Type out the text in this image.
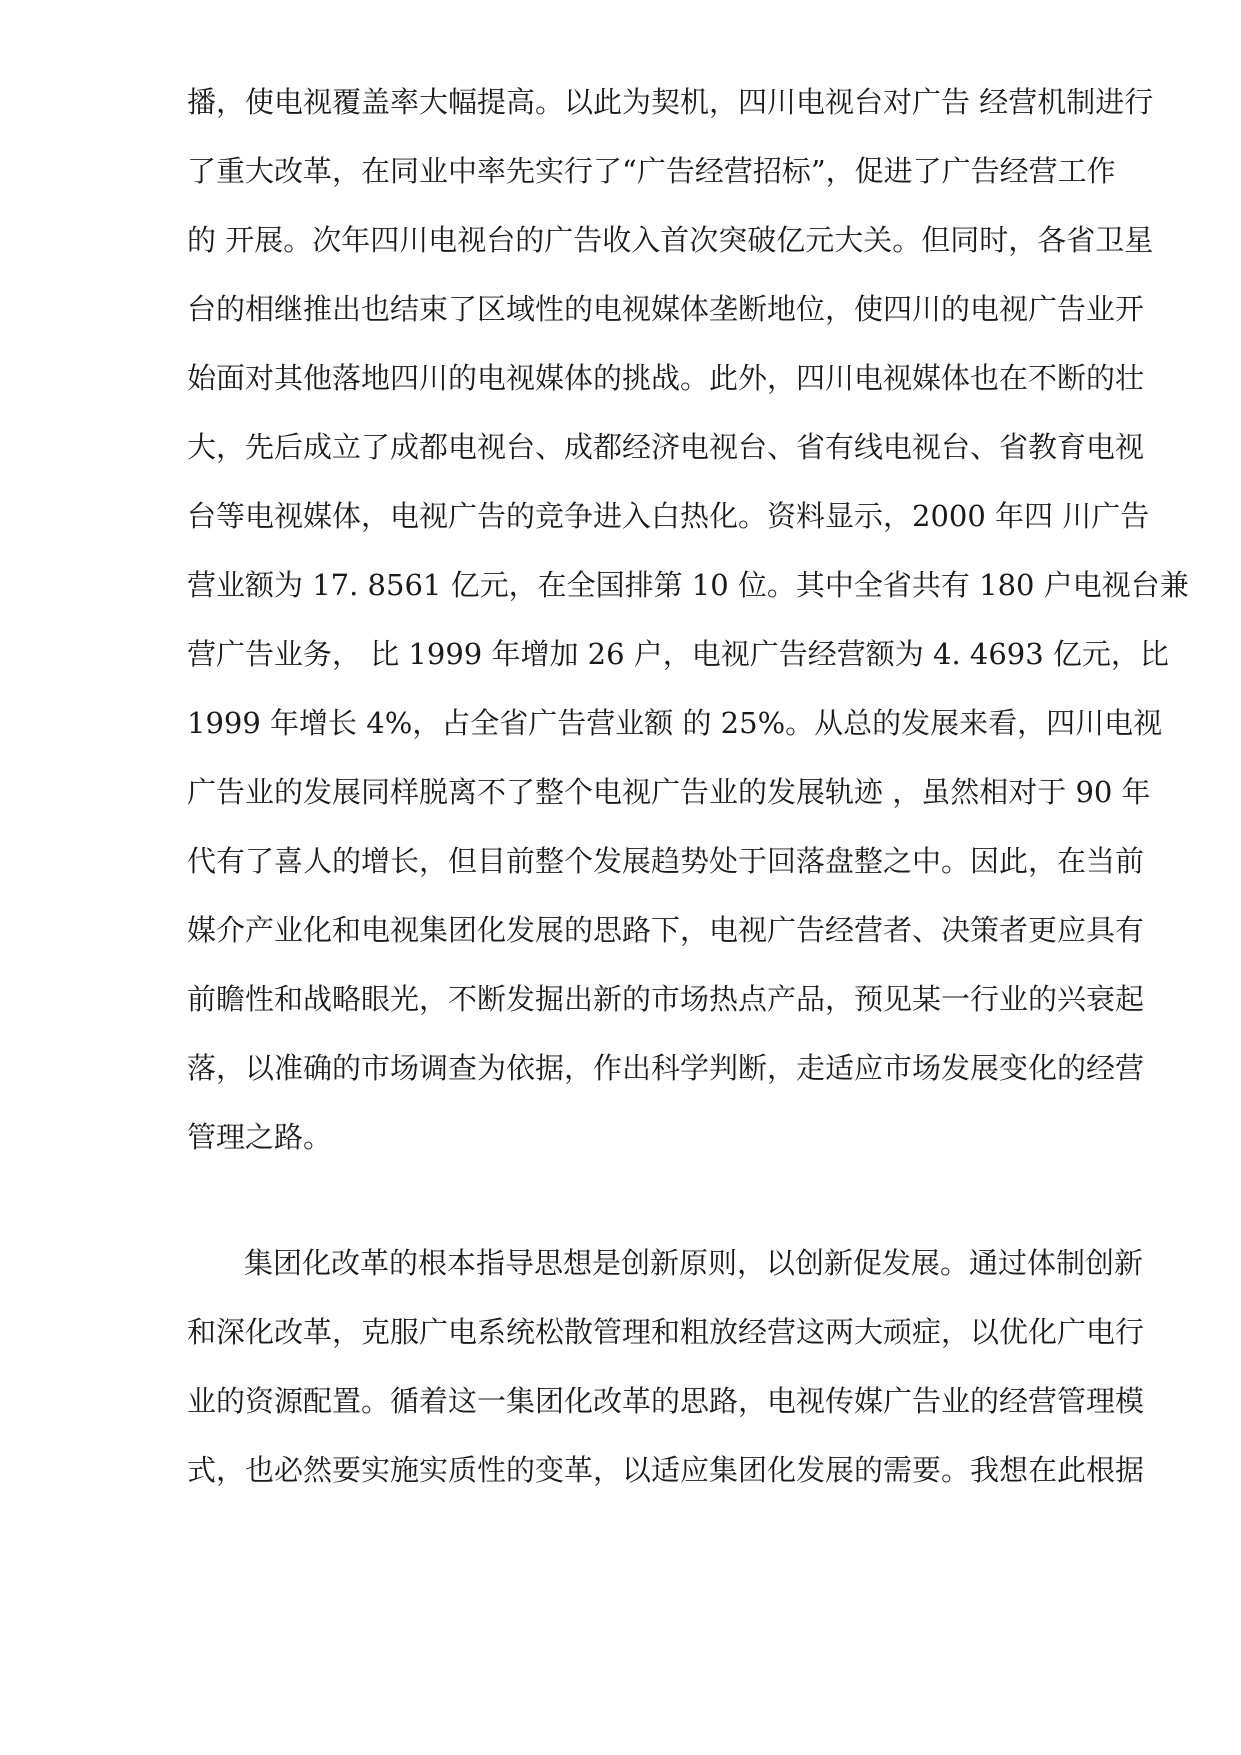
播，使电视覆盖率大幅提高。以此为契机，四川电视台对广告 经营机制进行
了重大改革，在同业中率先实行了“广告经营招标”，促进了广告经营工作
的 开展。次年四川电视台的广告收入首次突破亿元大关。但同时，各省卫星
台的相继推出也结束了区域性的电视媒体垄断地位，使四川的电视广告业开
始面对其他落地四川的电视媒体的挑战。此外，四川电视媒体也在不断的壮
大，先后成立了成都电视台、成都经济电视台、省有线电视台、省教育电视
台等电视媒体，电视广告的竞争进入白热化。资料显示，2000 年四 川广告
营业额为 17. 8561 亿元，在全国排第 10 位。其中全省共有 180 户电视台兼
营广告业务， 比 1999 年增加 26 户，电视广告经营额为 4. 4693 亿元，比
1999 年增长 4%，占全省广告营业额 的 25%。从总的发展来看，四川电视
广告业的发展同样脱离不了整个电视广告业的发展轨迹 ，虽然相对于 90 年
代有了喜人的增长，但目前整个发展趋势处于回落盘整之中。因此，在当前
媒介产业化和电视集团化发展的思路下，电视广告经营者、决策者更应具有
前瞻性和战略眼光，不断发掘出新的市场热点产品，预见某一行业的兴衰起
落，以准确的市场调查为依据，作出科学判断，走适应市场发展变化的经营
管理之路。
集团化改革的根本指导思想是创新原则，以创新促发展。通过体制创新
和深化改革，克服广电系统松散管理和粗放经营这两大顽症，以优化广电行
业的资源配置。循着这一集团化改革的思路，电视传媒广告业的经营管理模
式，也必然要实施实质性的变革，以适应集团化发展的需要。我想在此根据
